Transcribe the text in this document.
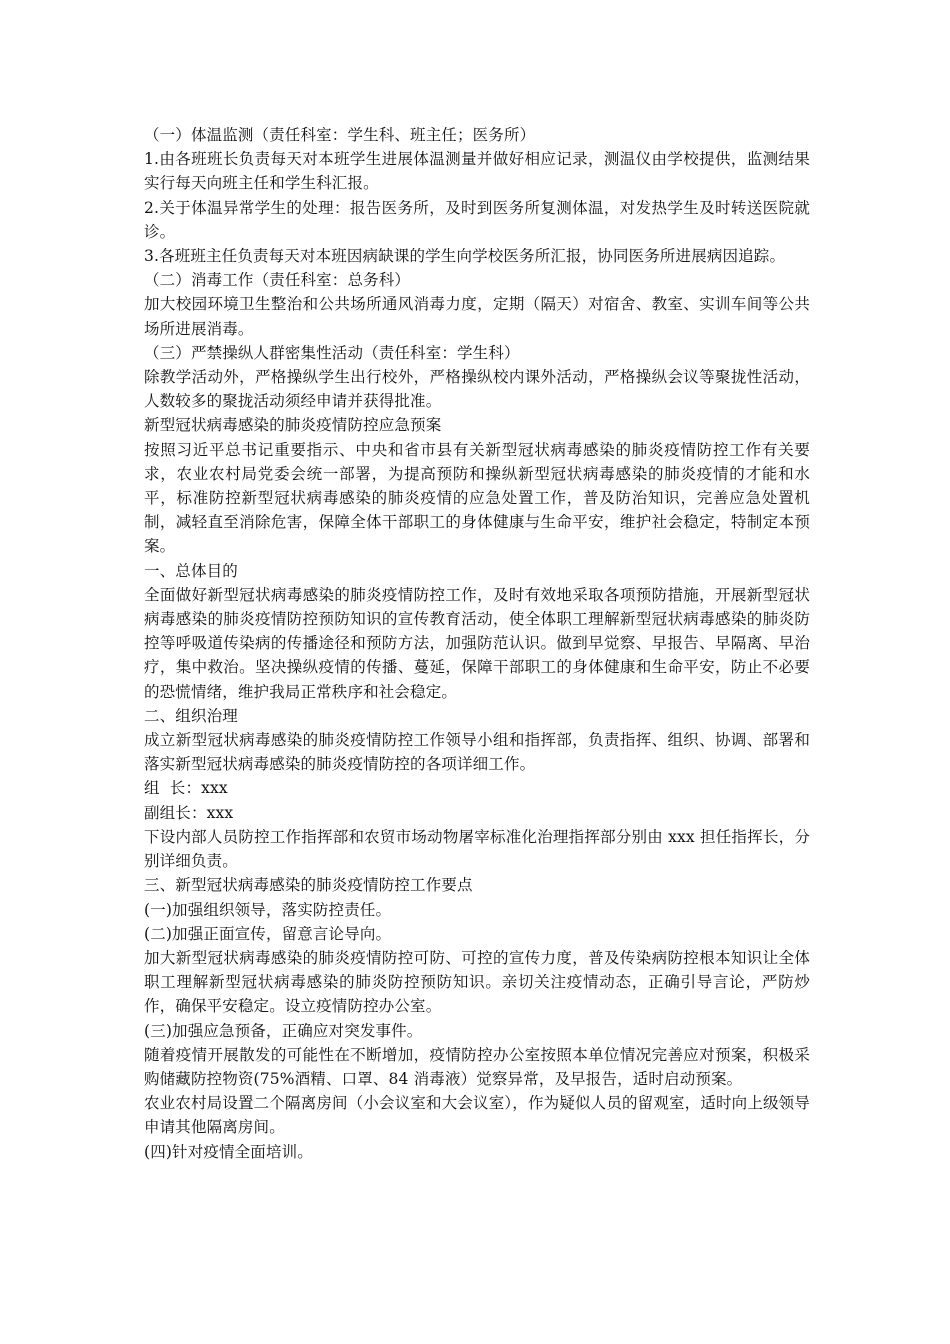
（一）体温监测（责任科室：学生科、班主任；医务所）
1.由各班班长负责每天对本班学生进展体温测量并做好相应记录，测温仪由学校提供，监测结果实行每天向班主任和学生科汇报。
2.关于体温异常学生的处理：报告医务所，及时到医务所复测体温，对发热学生及时转送医院就诊。
3.各班班主任负责每天对本班因病缺课的学生向学校医务所汇报，协同医务所进展病因追踪。
（二）消毒工作（责任科室：总务科）
加大校园环境卫生整治和公共场所通风消毒力度，定期（隔天）对宿舍、教室、实训车间等公共场所进展消毒。
（三）严禁操纵人群密集性活动（责任科室：学生科）
除教学活动外，严格操纵学生出行校外，严格操纵校内课外活动，严格操纵会议等聚拢性活动，人数较多的聚拢活动须经申请并获得批准。
新型冠状病毒感染的肺炎疫情防控应急预案
按照习近平总书记重要指示、中央和省市县有关新型冠状病毒感染的肺炎疫情防控工作有关要求，农业农村局党委会统一部署，为提高预防和操纵新型冠状病毒感染的肺炎疫情的才能和水平，标准防控新型冠状病毒感染的肺炎疫情的应急处置工作，普及防治知识，完善应急处置机制，减轻直至消除危害，保障全体干部职工的身体健康与生命平安，维护社会稳定，特制定本预案。
一、总体目的
全面做好新型冠状病毒感染的肺炎疫情防控工作，及时有效地采取各项预防措施，开展新型冠状病毒感染的肺炎疫情防控预防知识的宣传教育活动，使全体职工理解新型冠状病毒感染的肺炎防控等呼吸道传染病的传播途径和预防方法，加强防范认识。做到早觉察、早报告、早隔离、早治疗，集中救治。坚决操纵疫情的传播、蔓延，保障干部职工的身体健康和生命平安，防止不必要的恐慌情绪，维护我局正常秩序和社会稳定。
二、组织治理
成立新型冠状病毒感染的肺炎疫情防控工作领导小组和指挥部，负责指挥、组织、协调、部署和落实新型冠状病毒感染的肺炎疫情防控的各项详细工作。
组  长：xxx
副组长：xxx
下设内部人员防控工作指挥部和农贸市场动物屠宰标准化治理指挥部分别由 xxx 担任指挥长，分别详细负责。
三、新型冠状病毒感染的肺炎疫情防控工作要点
(一)加强组织领导，落实防控责任。
(二)加强正面宣传，留意言论导向。
加大新型冠状病毒感染的肺炎疫情防控可防、可控的宣传力度，普及传染病防控根本知识让全体职工理解新型冠状病毒感染的肺炎防控预防知识。亲切关注疫情动态，正确引导言论，严防炒作，确保平安稳定。设立疫情防控办公室。
(三)加强应急预备，正确应对突发事件。
随着疫情开展散发的可能性在不断增加，疫情防控办公室按照本单位情况完善应对预案，积极采购储藏防控物资(75%酒精、口罩、84 消毒液）觉察异常，及早报告，适时启动预案。
农业农村局设置二个隔离房间（小会议室和大会议室），作为疑似人员的留观室，适时向上级领导申请其他隔离房间。
(四)针对疫情全面培训。
